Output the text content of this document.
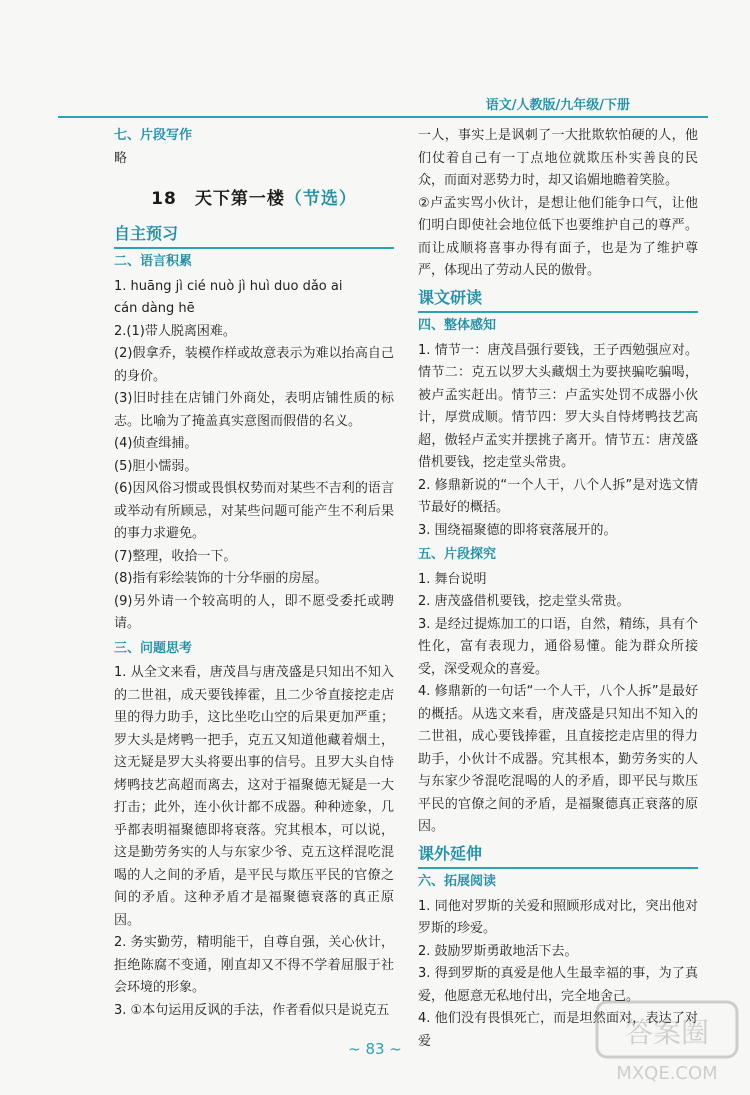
语文/人教版/九年级/下册

七、片段写作

略

18 天下第一楼（节选）
自主预习
二、语言积累

1. huāng jì cié nuò jì huì duo dǎo ai

cán dàng hē

2.(1)带人脱离困难。

(2)假拿乔，装模作样或故意表示为难以抬高自己的身价。

(3)旧时挂在店铺门外商处，表明店铺性质的标志。比喻为了掩盖真实意图而假借的名义。

(4)侦查缉捕。

(5)胆小懦弱。

(6)因风俗习惯或畏惧权势而对某些不吉利的语言或举动有所顾忌，对某些问题可能产生不利后果的事力求避免。

(7)整理，收拾一下。

(8)指有彩绘装饰的十分华丽的房屋。

(9)另外请一个较高明的人，即不愿受委托或聘请。

三、问题思考

1. 从全文来看，唐茂昌与唐茂盛是只知出不知入的二世祖，成天要钱捧霍，且二少爷直接挖走店里的得力助手，这比坐吃山空的后果更加严重；罗大头是烤鸭一把手，克五又知道他藏着烟土，这无疑是罗大头将要出事的信号。且罗大头自恃烤鸭技艺高超而离去，这对于福聚德无疑是一大打击；此外，连小伙计都不成器。种种迹象，几乎都表明福聚德即将衰落。究其根本，可以说，这是勤劳务实的人与东家少爷、克五这样混吃混喝的人之间的矛盾，是平民与欺压平民的官僚之间的矛盾。这种矛盾才是福聚德衰落的真正原因。

2. 务实勤劳，精明能干，自尊自强，关心伙计，拒绝陈腐不变通，刚直却又不得不学着屈服于社会环境的形象。

3. ①本句运用反讽的手法，作者看似只是说克五

一人，事实上是讽刺了一大批欺软怕硬的人，他们仗着自己有一丁点地位就欺压朴实善良的民众，而面对恶势力时，却又谄媚地瞻着笑脸。

②卢孟实骂小伙计，是想让他们能争口气，让他们明白即使社会地位低下也要维护自己的尊严。而让成顺将喜事办得有面子，也是为了维护尊严，体现出了劳动人民的傲骨。

课文研读
四、整体感知

1. 情节一：唐茂昌强行要钱，王子西勉强应对。情节二：克五以罗大头藏烟土为要挟骗吃骗喝，被卢孟实赶出。情节三：卢孟实处罚不成器小伙计，厚赏成顺。情节四：罗大头自恃烤鸭技艺高超，傲轻卢孟实并摆挑子离开。情节五：唐茂盛借机要钱，挖走堂头常贵。

2. 修鼎新说的“一个人干，八个人拆”是对选文情节最好的概括。

3. 围绕福聚德的即将衰落展开的。

五、片段探究

1. 舞台说明

2. 唐茂盛借机要钱，挖走堂头常贵。

3. 是经过提炼加工的口语，自然，精练，具有个性化，富有表现力，通俗易懂。能为群众所接受，深受观众的喜爱。

4. 修鼎新的一句话“一个人干，八个人拆”是最好的概括。从选文来看，唐茂盛是只知出不知入的二世祖，成心要钱捧霍，且直接挖走店里的得力助手，小伙计不成器。究其根本，勤劳务实的人与东家少爷混吃混喝的人的矛盾，即平民与欺压平民的官僚之间的矛盾，是福聚德真正衰落的原因。

课外延伸
六、拓展阅读

1. 同他对罗斯的关爱和照顾形成对比，突出他对罗斯的珍爱。

2. 鼓励罗斯勇敢地活下去。

3. 得到罗斯的真爱是他人生最幸福的事，为了真爱，他愿意无私地付出，完全地舍己。

4. 他们没有畏惧死亡，而是坦然面对，表达了对爱

~ 83 ~	答案圈
MXQE.COM
